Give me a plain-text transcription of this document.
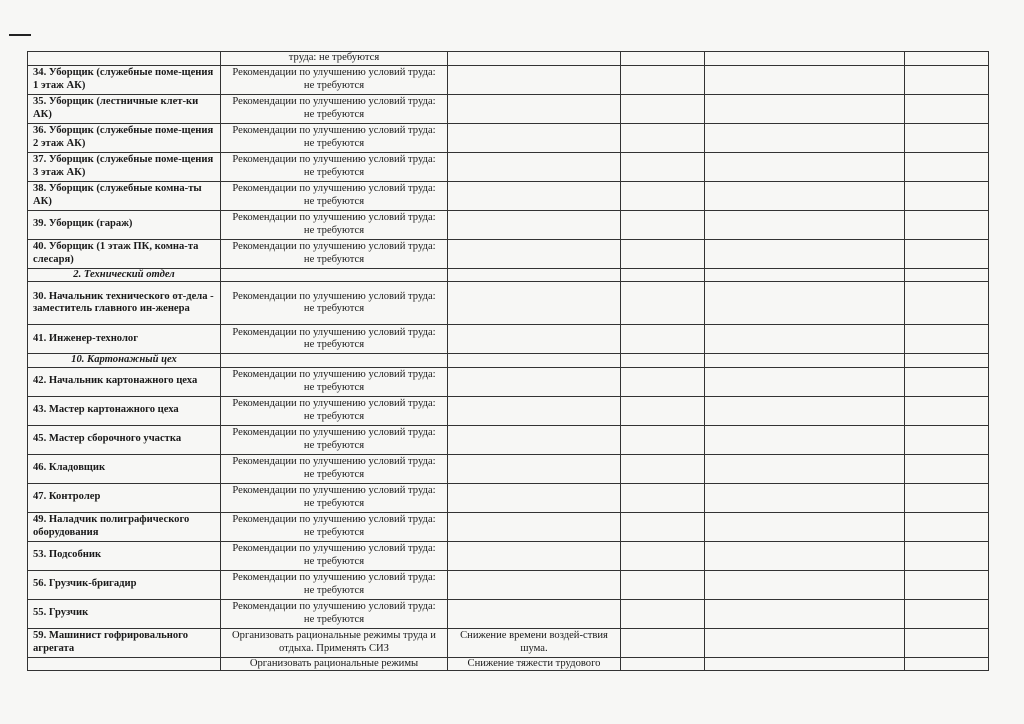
	труда: не требуются				
34. Уборщик (служебные поме-щения 1 этаж АК)	Рекомендации по улучшению условий труда: не требуются				
35. Уборщик (лестничные клет-ки АК)	Рекомендации по улучшению условий труда: не требуются				
36. Уборщик (служебные поме-щения 2 этаж АК)	Рекомендации по улучшению условий труда: не требуются				
37. Уборщик (служебные поме-щения 3 этаж АК)	Рекомендации по улучшению условий труда: не требуются				
38. Уборщик (служебные комна-ты АК)	Рекомендации по улучшению условий труда: не требуются				
39. Уборщик (гараж)	Рекомендации по улучшению условий труда: не требуются				
40. Уборщик (1 этаж ПК, комна-та слесаря)	Рекомендации по улучшению условий труда: не требуются				
2. Технический отдел					
30. Начальник технического от-дела - заместитель главного ин-женера	Рекомендации по улучшению условий труда: не требуются				
41. Инженер-технолог	Рекомендации по улучшению условий труда: не требуются				
10. Картонажный цех					
42. Начальник картонажного цеха	Рекомендации по улучшению условий труда: не требуются				
43. Мастер картонажного цеха	Рекомендации по улучшению условий труда: не требуются				
45. Мастер сборочного участка	Рекомендации по улучшению условий труда: не требуются				
46. Кладовщик	Рекомендации по улучшению условий труда: не требуются				
47. Контролер	Рекомендации по улучшению условий труда: не требуются				
49. Наладчик полиграфического оборудования	Рекомендации по улучшению условий труда: не требуются				
53. Подсобник	Рекомендации по улучшению условий труда: не требуются				
56. Грузчик-бригадир	Рекомендации по улучшению условий труда: не требуются				
55. Грузчик	Рекомендации по улучшению условий труда: не требуются				
59. Машинист гофрировального агрегата	Организовать рациональные режимы труда и отдыха. Применять СИЗ	Снижение времени воздей-ствия шума.			
	Организовать рациональные режимы	Снижение тяжести трудового			
